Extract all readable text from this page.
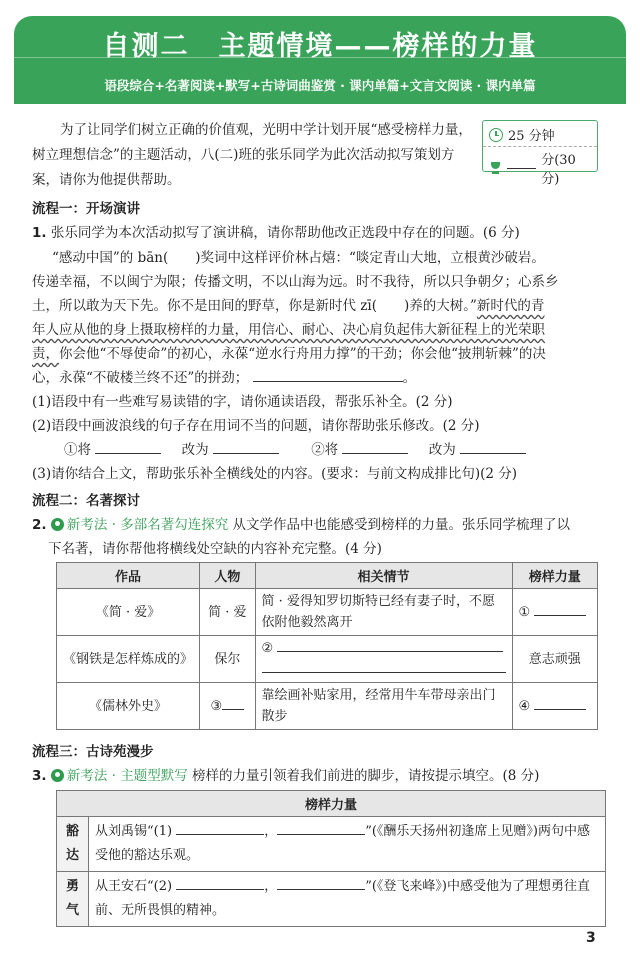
自测二　主题情境——榜样的力量
语段综合+名著阅读+默写+古诗词曲鉴赏 · 课内单篇+文言文阅读 · 课内单篇
为了让同学们树立正确的价值观，光明中学计划开展“感受榜样力量，树立理想信念”的主题活动，八(二)班的张乐同学为此次活动拟写策划方案，请你为他提供帮助。
25 分钟
分(30 分)
流程一：开场演讲
1. 张乐同学为本次活动拟写了演讲稿，请你帮助他改正选段中存在的问题。(6 分)
“感动中国”的 bān(　　)奖词中这样评价林占熺：“啖定青山大地，立根黄沙破岩。
传递幸福，不以闽宁为限；传播文明，不以山海为远。时不我待，所以只争朝夕；心系乡
土，所以敢为天下先。你不是田间的野草，你是新时代 zī(　　)养的大树。”新时代的青
年人应从他的身上摄取榜样的力量，用信心、耐心、决心肩负起伟大新征程上的光荣职
责，你会他“不辱使命”的初心，永葆“逆水行舟用力撑”的干劲；你会他“披荆斩棘”的决
心，永葆“不破楼兰终不还”的拼劲；	。
(1)语段中有一些难写易读错的字，请你通读语段，帮张乐补全。(2 分)
(2)语段中画波浪线的句子存在用词不当的问题，请你帮助张乐修改。(2 分)
①将	改为	②将	改为
(3)请你结合上文，帮助张乐补全横线处的内容。(要求：与前文构成排比句)(2 分)
流程二：名著探讨
2. 新考法 · 多部名著勾连探究 从文学作品中也能感受到榜样的力量。张乐同学梳理了以
下名著，请你帮他将横线处空缺的内容补充完整。(4 分)
作品	人物	相关情节	榜样力量
《简 · 爱》	简 · 爱	简 · 爱得知罗切斯特已经有妻子时，不愿依附他毅然离开	①
《钢铁是怎样炼成的》	保尔	②	意志顽强
《儒林外史》	③	靠绘画补贴家用，经常用牛车带母亲出门散步	④
流程三：古诗苑漫步
3. 新考法 · 主题型默写 榜样的力量引领着我们前进的脚步，请按提示填空。(8 分)
榜样力量	
豁达	从刘禹锡“(1) ， ”(《酬乐天扬州初逢席上见赠》)两句中感受他的豁达乐观。
勇气	从王安石“(2) ， ”(《登飞来峰》)中感受他为了理想勇往直前、无所畏惧的精神。
3
